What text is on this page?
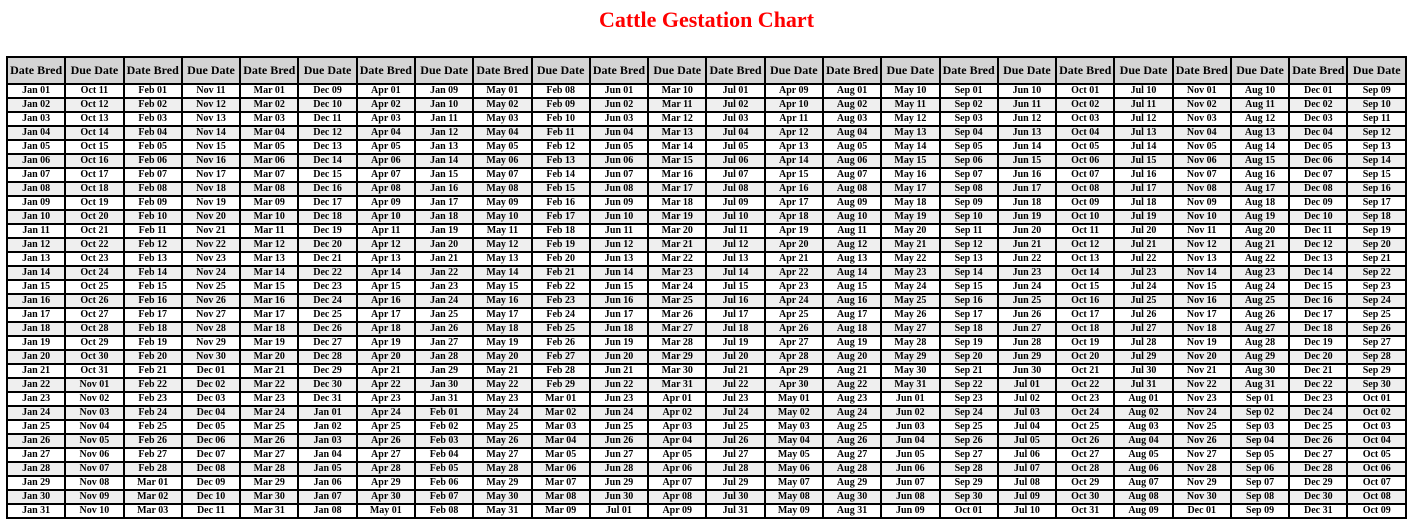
Cattle Gestation Chart
Date Bred	Due Date	Date Bred	Due Date	Date Bred	Due Date	Date Bred	Due Date	Date Bred	Due Date	Date Bred	Due Date	Date Bred	Due Date	Date Bred	Due Date	Date Bred	Due Date	Date Bred	Due Date	Date Bred	Due Date	Date Bred	Due Date
Jan 01	Oct 11	Feb 01	Nov 11	Mar 01	Dec 09	Apr 01	Jan 09	May 01	Feb 08	Jun 01	Mar 10	Jul 01	Apr 09	Aug 01	May 10	Sep 01	Jun 10	Oct 01	Jul 10	Nov 01	Aug 10	Dec 01	Sep 09
Jan 02	Oct 12	Feb 02	Nov 12	Mar 02	Dec 10	Apr 02	Jan 10	May 02	Feb 09	Jun 02	Mar 11	Jul 02	Apr 10	Aug 02	May 11	Sep 02	Jun 11	Oct 02	Jul 11	Nov 02	Aug 11	Dec 02	Sep 10
Jan 03	Oct 13	Feb 03	Nov 13	Mar 03	Dec 11	Apr 03	Jan 11	May 03	Feb 10	Jun 03	Mar 12	Jul 03	Apr 11	Aug 03	May 12	Sep 03	Jun 12	Oct 03	Jul 12	Nov 03	Aug 12	Dec 03	Sep 11
Jan 04	Oct 14	Feb 04	Nov 14	Mar 04	Dec 12	Apr 04	Jan 12	May 04	Feb 11	Jun 04	Mar 13	Jul 04	Apr 12	Aug 04	May 13	Sep 04	Jun 13	Oct 04	Jul 13	Nov 04	Aug 13	Dec 04	Sep 12
Jan 05	Oct 15	Feb 05	Nov 15	Mar 05	Dec 13	Apr 05	Jan 13	May 05	Feb 12	Jun 05	Mar 14	Jul 05	Apr 13	Aug 05	May 14	Sep 05	Jun 14	Oct 05	Jul 14	Nov 05	Aug 14	Dec 05	Sep 13
Jan 06	Oct 16	Feb 06	Nov 16	Mar 06	Dec 14	Apr 06	Jan 14	May 06	Feb 13	Jun 06	Mar 15	Jul 06	Apr 14	Aug 06	May 15	Sep 06	Jun 15	Oct 06	Jul 15	Nov 06	Aug 15	Dec 06	Sep 14
Jan 07	Oct 17	Feb 07	Nov 17	Mar 07	Dec 15	Apr 07	Jan 15	May 07	Feb 14	Jun 07	Mar 16	Jul 07	Apr 15	Aug 07	May 16	Sep 07	Jun 16	Oct 07	Jul 16	Nov 07	Aug 16	Dec 07	Sep 15
Jan 08	Oct 18	Feb 08	Nov 18	Mar 08	Dec 16	Apr 08	Jan 16	May 08	Feb 15	Jun 08	Mar 17	Jul 08	Apr 16	Aug 08	May 17	Sep 08	Jun 17	Oct 08	Jul 17	Nov 08	Aug 17	Dec 08	Sep 16
Jan 09	Oct 19	Feb 09	Nov 19	Mar 09	Dec 17	Apr 09	Jan 17	May 09	Feb 16	Jun 09	Mar 18	Jul 09	Apr 17	Aug 09	May 18	Sep 09	Jun 18	Oct 09	Jul 18	Nov 09	Aug 18	Dec 09	Sep 17
Jan 10	Oct 20	Feb 10	Nov 20	Mar 10	Dec 18	Apr 10	Jan 18	May 10	Feb 17	Jun 10	Mar 19	Jul 10	Apr 18	Aug 10	May 19	Sep 10	Jun 19	Oct 10	Jul 19	Nov 10	Aug 19	Dec 10	Sep 18
Jan 11	Oct 21	Feb 11	Nov 21	Mar 11	Dec 19	Apr 11	Jan 19	May 11	Feb 18	Jun 11	Mar 20	Jul 11	Apr 19	Aug 11	May 20	Sep 11	Jun 20	Oct 11	Jul 20	Nov 11	Aug 20	Dec 11	Sep 19
Jan 12	Oct 22	Feb 12	Nov 22	Mar 12	Dec 20	Apr 12	Jan 20	May 12	Feb 19	Jun 12	Mar 21	Jul 12	Apr 20	Aug 12	May 21	Sep 12	Jun 21	Oct 12	Jul 21	Nov 12	Aug 21	Dec 12	Sep 20
Jan 13	Oct 23	Feb 13	Nov 23	Mar 13	Dec 21	Apr 13	Jan 21	May 13	Feb 20	Jun 13	Mar 22	Jul 13	Apr 21	Aug 13	May 22	Sep 13	Jun 22	Oct 13	Jul 22	Nov 13	Aug 22	Dec 13	Sep 21
Jan 14	Oct 24	Feb 14	Nov 24	Mar 14	Dec 22	Apr 14	Jan 22	May 14	Feb 21	Jun 14	Mar 23	Jul 14	Apr 22	Aug 14	May 23	Sep 14	Jun 23	Oct 14	Jul 23	Nov 14	Aug 23	Dec 14	Sep 22
Jan 15	Oct 25	Feb 15	Nov 25	Mar 15	Dec 23	Apr 15	Jan 23	May 15	Feb 22	Jun 15	Mar 24	Jul 15	Apr 23	Aug 15	May 24	Sep 15	Jun 24	Oct 15	Jul 24	Nov 15	Aug 24	Dec 15	Sep 23
Jan 16	Oct 26	Feb 16	Nov 26	Mar 16	Dec 24	Apr 16	Jan 24	May 16	Feb 23	Jun 16	Mar 25	Jul 16	Apr 24	Aug 16	May 25	Sep 16	Jun 25	Oct 16	Jul 25	Nov 16	Aug 25	Dec 16	Sep 24
Jan 17	Oct 27	Feb 17	Nov 27	Mar 17	Dec 25	Apr 17	Jan 25	May 17	Feb 24	Jun 17	Mar 26	Jul 17	Apr 25	Aug 17	May 26	Sep 17	Jun 26	Oct 17	Jul 26	Nov 17	Aug 26	Dec 17	Sep 25
Jan 18	Oct 28	Feb 18	Nov 28	Mar 18	Dec 26	Apr 18	Jan 26	May 18	Feb 25	Jun 18	Mar 27	Jul 18	Apr 26	Aug 18	May 27	Sep 18	Jun 27	Oct 18	Jul 27	Nov 18	Aug 27	Dec 18	Sep 26
Jan 19	Oct 29	Feb 19	Nov 29	Mar 19	Dec 27	Apr 19	Jan 27	May 19	Feb 26	Jun 19	Mar 28	Jul 19	Apr 27	Aug 19	May 28	Sep 19	Jun 28	Oct 19	Jul 28	Nov 19	Aug 28	Dec 19	Sep 27
Jan 20	Oct 30	Feb 20	Nov 30	Mar 20	Dec 28	Apr 20	Jan 28	May 20	Feb 27	Jun 20	Mar 29	Jul 20	Apr 28	Aug 20	May 29	Sep 20	Jun 29	Oct 20	Jul 29	Nov 20	Aug 29	Dec 20	Sep 28
Jan 21	Oct 31	Feb 21	Dec 01	Mar 21	Dec 29	Apr 21	Jan 29	May 21	Feb 28	Jun 21	Mar 30	Jul 21	Apr 29	Aug 21	May 30	Sep 21	Jun 30	Oct 21	Jul 30	Nov 21	Aug 30	Dec 21	Sep 29
Jan 22	Nov 01	Feb 22	Dec 02	Mar 22	Dec 30	Apr 22	Jan 30	May 22	Feb 29	Jun 22	Mar 31	Jul 22	Apr 30	Aug 22	May 31	Sep 22	Jul 01	Oct 22	Jul 31	Nov 22	Aug 31	Dec 22	Sep 30
Jan 23	Nov 02	Feb 23	Dec 03	Mar 23	Dec 31	Apr 23	Jan 31	May 23	Mar 01	Jun 23	Apr 01	Jul 23	May 01	Aug 23	Jun 01	Sep 23	Jul 02	Oct 23	Aug 01	Nov 23	Sep 01	Dec 23	Oct 01
Jan 24	Nov 03	Feb 24	Dec 04	Mar 24	Jan 01	Apr 24	Feb 01	May 24	Mar 02	Jun 24	Apr 02	Jul 24	May 02	Aug 24	Jun 02	Sep 24	Jul 03	Oct 24	Aug 02	Nov 24	Sep 02	Dec 24	Oct 02
Jan 25	Nov 04	Feb 25	Dec 05	Mar 25	Jan 02	Apr 25	Feb 02	May 25	Mar 03	Jun 25	Apr 03	Jul 25	May 03	Aug 25	Jun 03	Sep 25	Jul 04	Oct 25	Aug 03	Nov 25	Sep 03	Dec 25	Oct 03
Jan 26	Nov 05	Feb 26	Dec 06	Mar 26	Jan 03	Apr 26	Feb 03	May 26	Mar 04	Jun 26	Apr 04	Jul 26	May 04	Aug 26	Jun 04	Sep 26	Jul 05	Oct 26	Aug 04	Nov 26	Sep 04	Dec 26	Oct 04
Jan 27	Nov 06	Feb 27	Dec 07	Mar 27	Jan 04	Apr 27	Feb 04	May 27	Mar 05	Jun 27	Apr 05	Jul 27	May 05	Aug 27	Jun 05	Sep 27	Jul 06	Oct 27	Aug 05	Nov 27	Sep 05	Dec 27	Oct 05
Jan 28	Nov 07	Feb 28	Dec 08	Mar 28	Jan 05	Apr 28	Feb 05	May 28	Mar 06	Jun 28	Apr 06	Jul 28	May 06	Aug 28	Jun 06	Sep 28	Jul 07	Oct 28	Aug 06	Nov 28	Sep 06	Dec 28	Oct 06
Jan 29	Nov 08	Mar 01	Dec 09	Mar 29	Jan 06	Apr 29	Feb 06	May 29	Mar 07	Jun 29	Apr 07	Jul 29	May 07	Aug 29	Jun 07	Sep 29	Jul 08	Oct 29	Aug 07	Nov 29	Sep 07	Dec 29	Oct 07
Jan 30	Nov 09	Mar 02	Dec 10	Mar 30	Jan 07	Apr 30	Feb 07	May 30	Mar 08	Jun 30	Apr 08	Jul 30	May 08	Aug 30	Jun 08	Sep 30	Jul 09	Oct 30	Aug 08	Nov 30	Sep 08	Dec 30	Oct 08
Jan 31	Nov 10	Mar 03	Dec 11	Mar 31	Jan 08	May 01	Feb 08	May 31	Mar 09	Jul 01	Apr 09	Jul 31	May 09	Aug 31	Jun 09	Oct 01	Jul 10	Oct 31	Aug 09	Dec 01	Sep 09	Dec 31	Oct 09
